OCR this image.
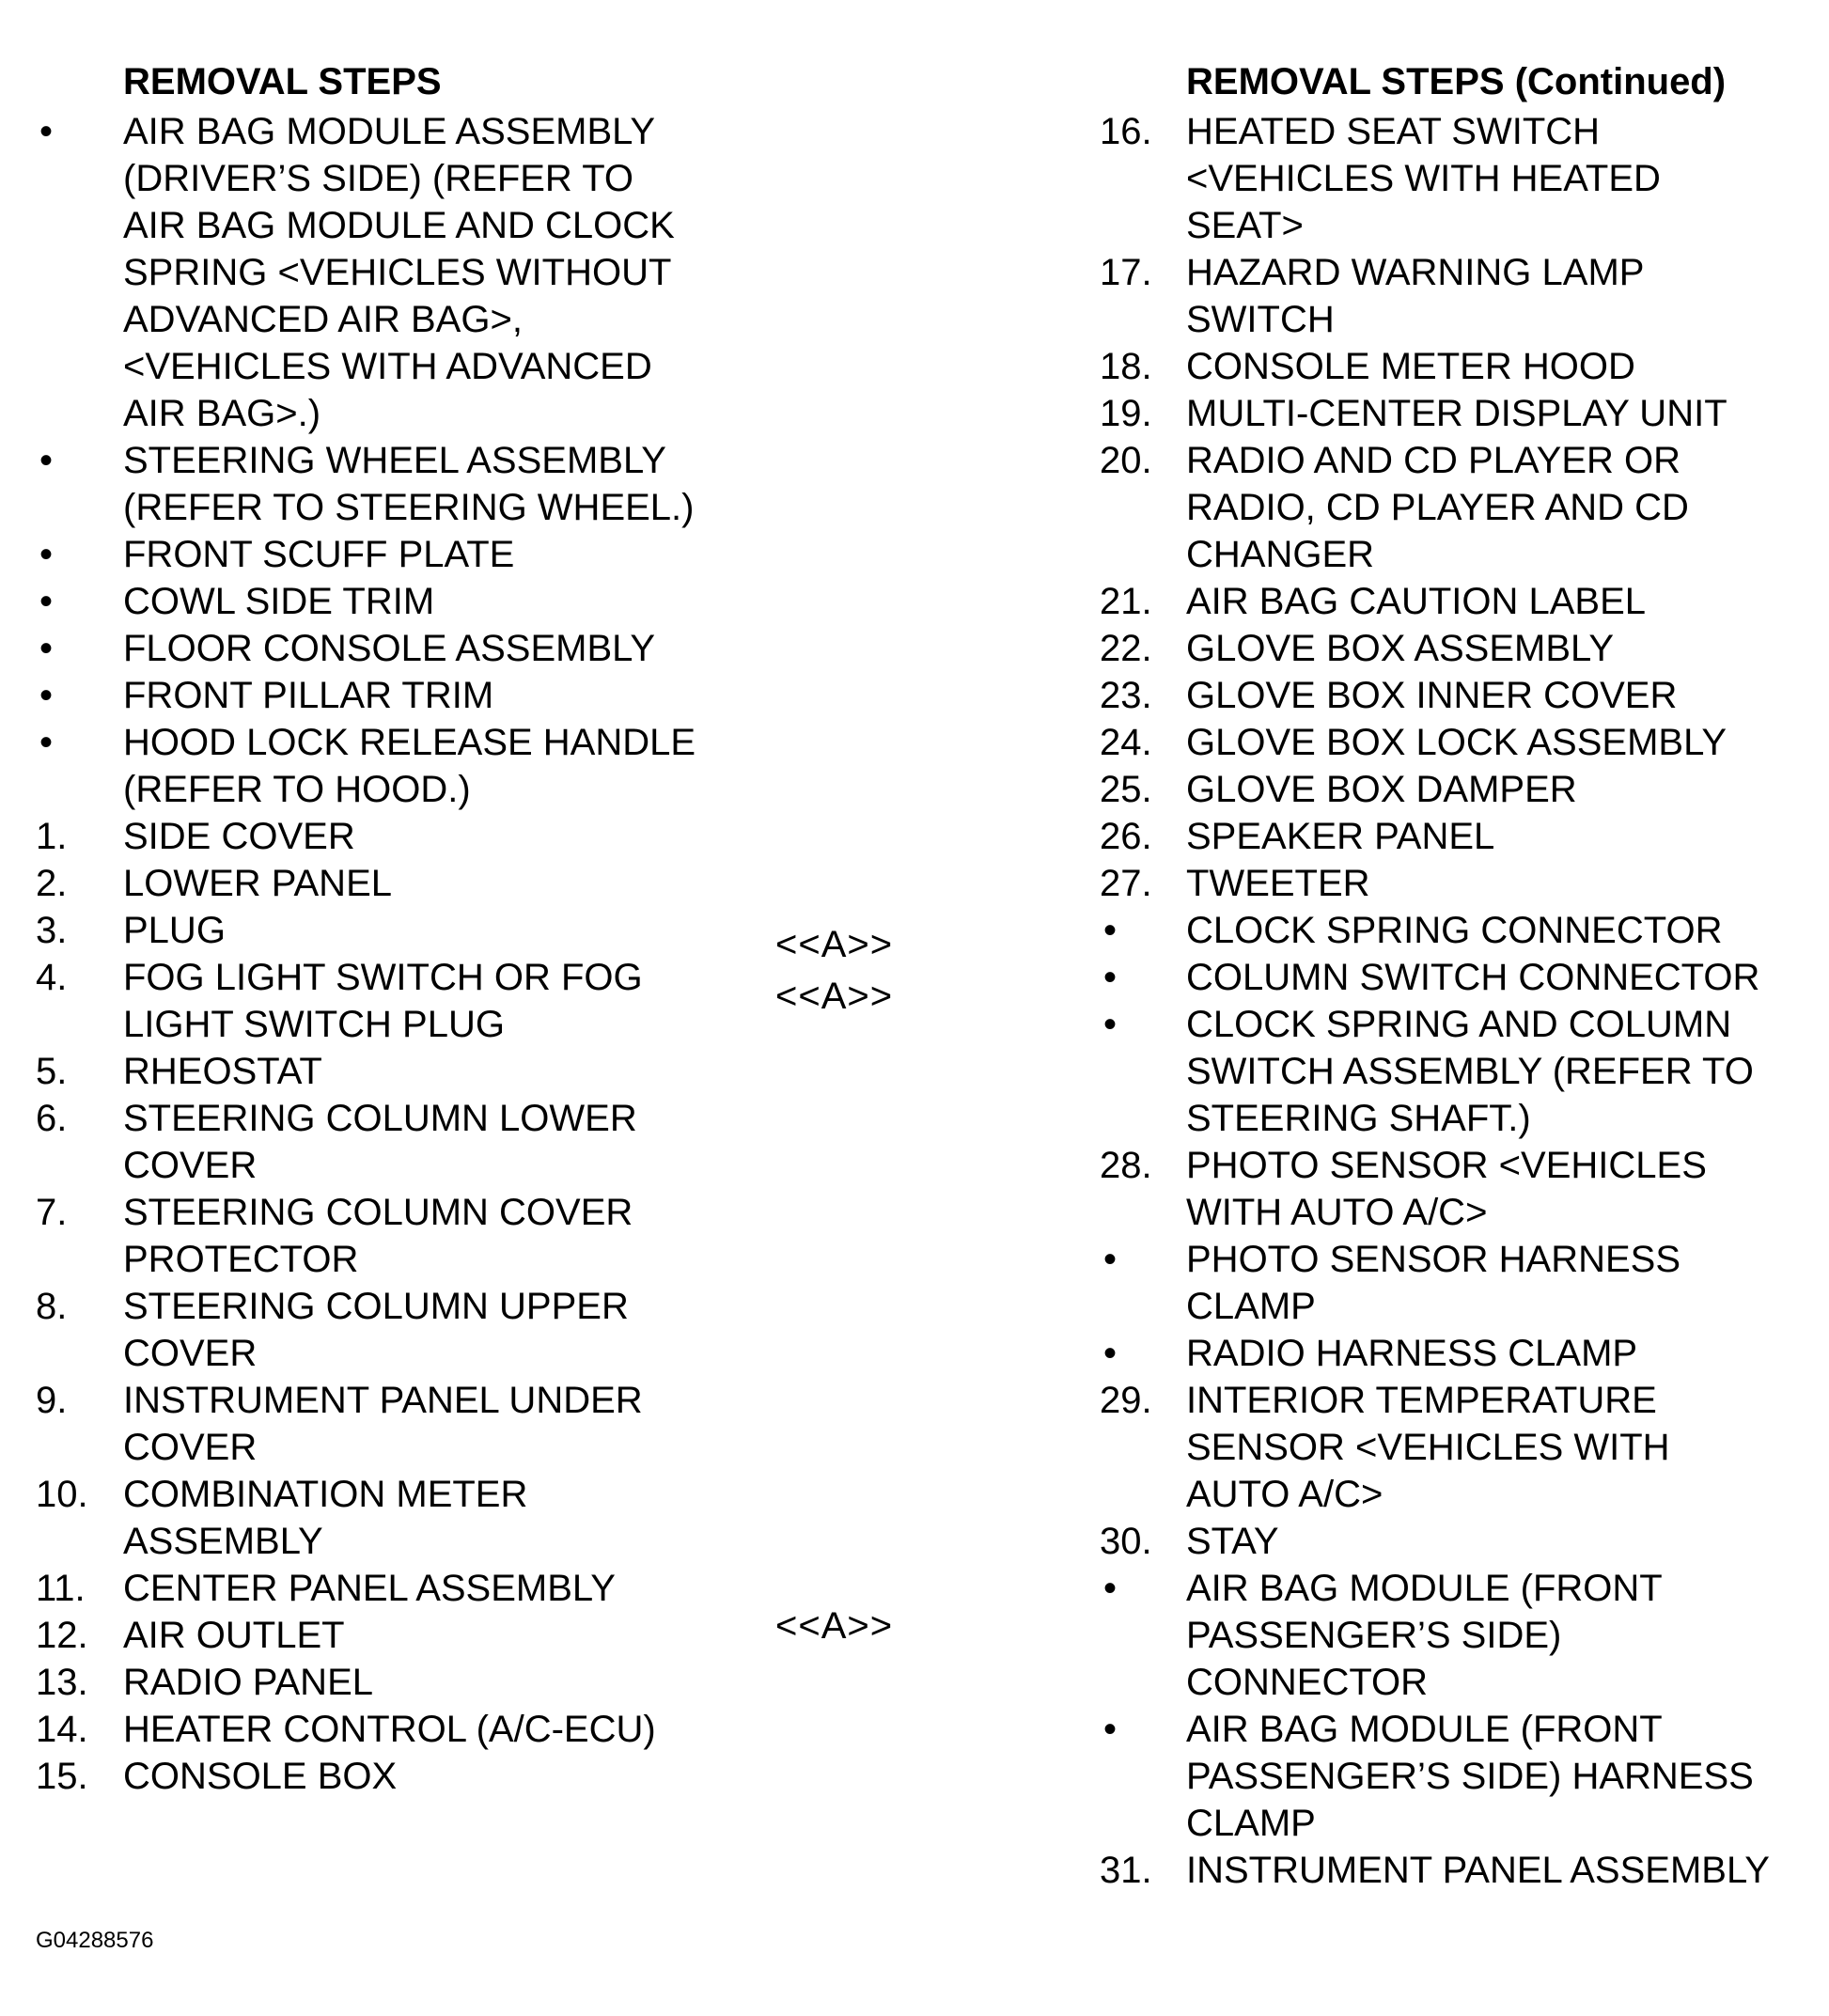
REMOVAL STEPS
•	AIR BAG MODULE ASSEMBLY
(DRIVER’S SIDE) (REFER TO
AIR BAG MODULE AND CLOCK
SPRING <VEHICLES WITHOUT
ADVANCED AIR BAG>,
<VEHICLES WITH ADVANCED
AIR BAG>.)
•	STEERING WHEEL ASSEMBLY
(REFER TO STEERING WHEEL.)
•	FRONT SCUFF PLATE
•	COWL SIDE TRIM
•	FLOOR CONSOLE ASSEMBLY
•	FRONT PILLAR TRIM
•	HOOD LOCK RELEASE HANDLE
(REFER TO HOOD.)
1.	SIDE COVER
2.	LOWER PANEL
3.	PLUG
4.	FOG LIGHT SWITCH OR FOG
LIGHT SWITCH PLUG
5.	RHEOSTAT
6.	STEERING COLUMN LOWER
COVER
7.	STEERING COLUMN COVER
PROTECTOR
8.	STEERING COLUMN UPPER
COVER
9.	INSTRUMENT PANEL UNDER
COVER
10. COMBINATION METER
ASSEMBLY
11.	CENTER PANEL ASSEMBLY
12. AIR OUTLET
13. RADIO PANEL
14. HEATER CONTROL (A/C-ECU)
15. CONSOLE BOX
<<A>>
<<A>>
<<A>>
REMOVAL STEPS (Continued)
16. HEATED SEAT SWITCH
<VEHICLES WITH HEATED
SEAT>
17. HAZARD WARNING LAMP
SWITCH
18. CONSOLE METER HOOD
19. MULTI-CENTER DISPLAY UNIT
20. RADIO AND CD PLAYER OR
RADIO, CD PLAYER AND CD
CHANGER
21. AIR BAG CAUTION LABEL
22. GLOVE BOX ASSEMBLY
23. GLOVE BOX INNER COVER
24. GLOVE BOX LOCK ASSEMBLY
25. GLOVE BOX DAMPER
26. SPEAKER PANEL
27. TWEETER
•	CLOCK SPRING CONNECTOR
•	COLUMN SWITCH CONNECTOR
•	CLOCK SPRING AND COLUMN
SWITCH ASSEMBLY (REFER TO
STEERING SHAFT.)
28. PHOTO SENSOR <VEHICLES
WITH AUTO A/C>
•	PHOTO SENSOR HARNESS
CLAMP
•	RADIO HARNESS CLAMP
29. INTERIOR TEMPERATURE
SENSOR <VEHICLES WITH
AUTO A/C>
30. STAY
•	AIR BAG MODULE (FRONT
PASSENGER’S SIDE)
CONNECTOR
•	AIR BAG MODULE (FRONT
PASSENGER’S SIDE) HARNESS
CLAMP
31. INSTRUMENT PANEL ASSEMBLY
G04288576
